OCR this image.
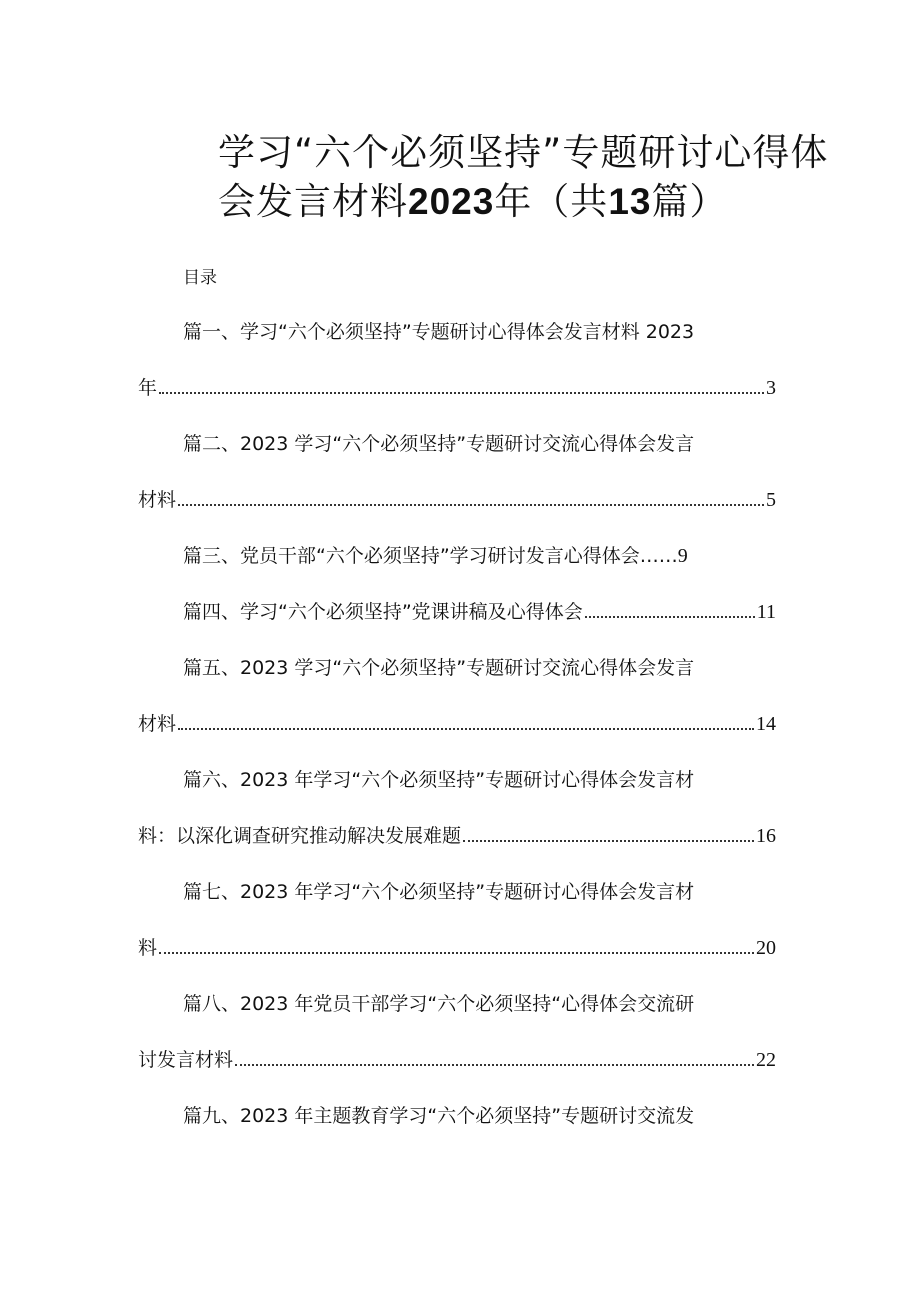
学习“六个必须坚持”专题研讨心得体
会发言材料2023年（共13篇）
目录
篇一、学习“六个必须坚持”专题研讨心得体会发言材料 2023
年	3
篇二、2023 学习“六个必须坚持”专题研讨交流心得体会发言
材料	5
篇三、党员干部“六个必须坚持”学习研讨发言心得体会…… 9
篇四、学习“六个必须坚持”党课讲稿及心得体会	11
篇五、2023 学习“六个必须坚持”专题研讨交流心得体会发言
材料	14
篇六、2023 年学习“六个必须坚持”专题研讨心得体会发言材
料：以深化调查研究推动解决发展难题	16
篇七、2023 年学习“六个必须坚持”专题研讨心得体会发言材
料	20
篇八、2023 年党员干部学习“六个必须坚持“心得体会交流研
讨发言材料	22
篇九、2023 年主题教育学习“六个必须坚持”专题研讨交流发
